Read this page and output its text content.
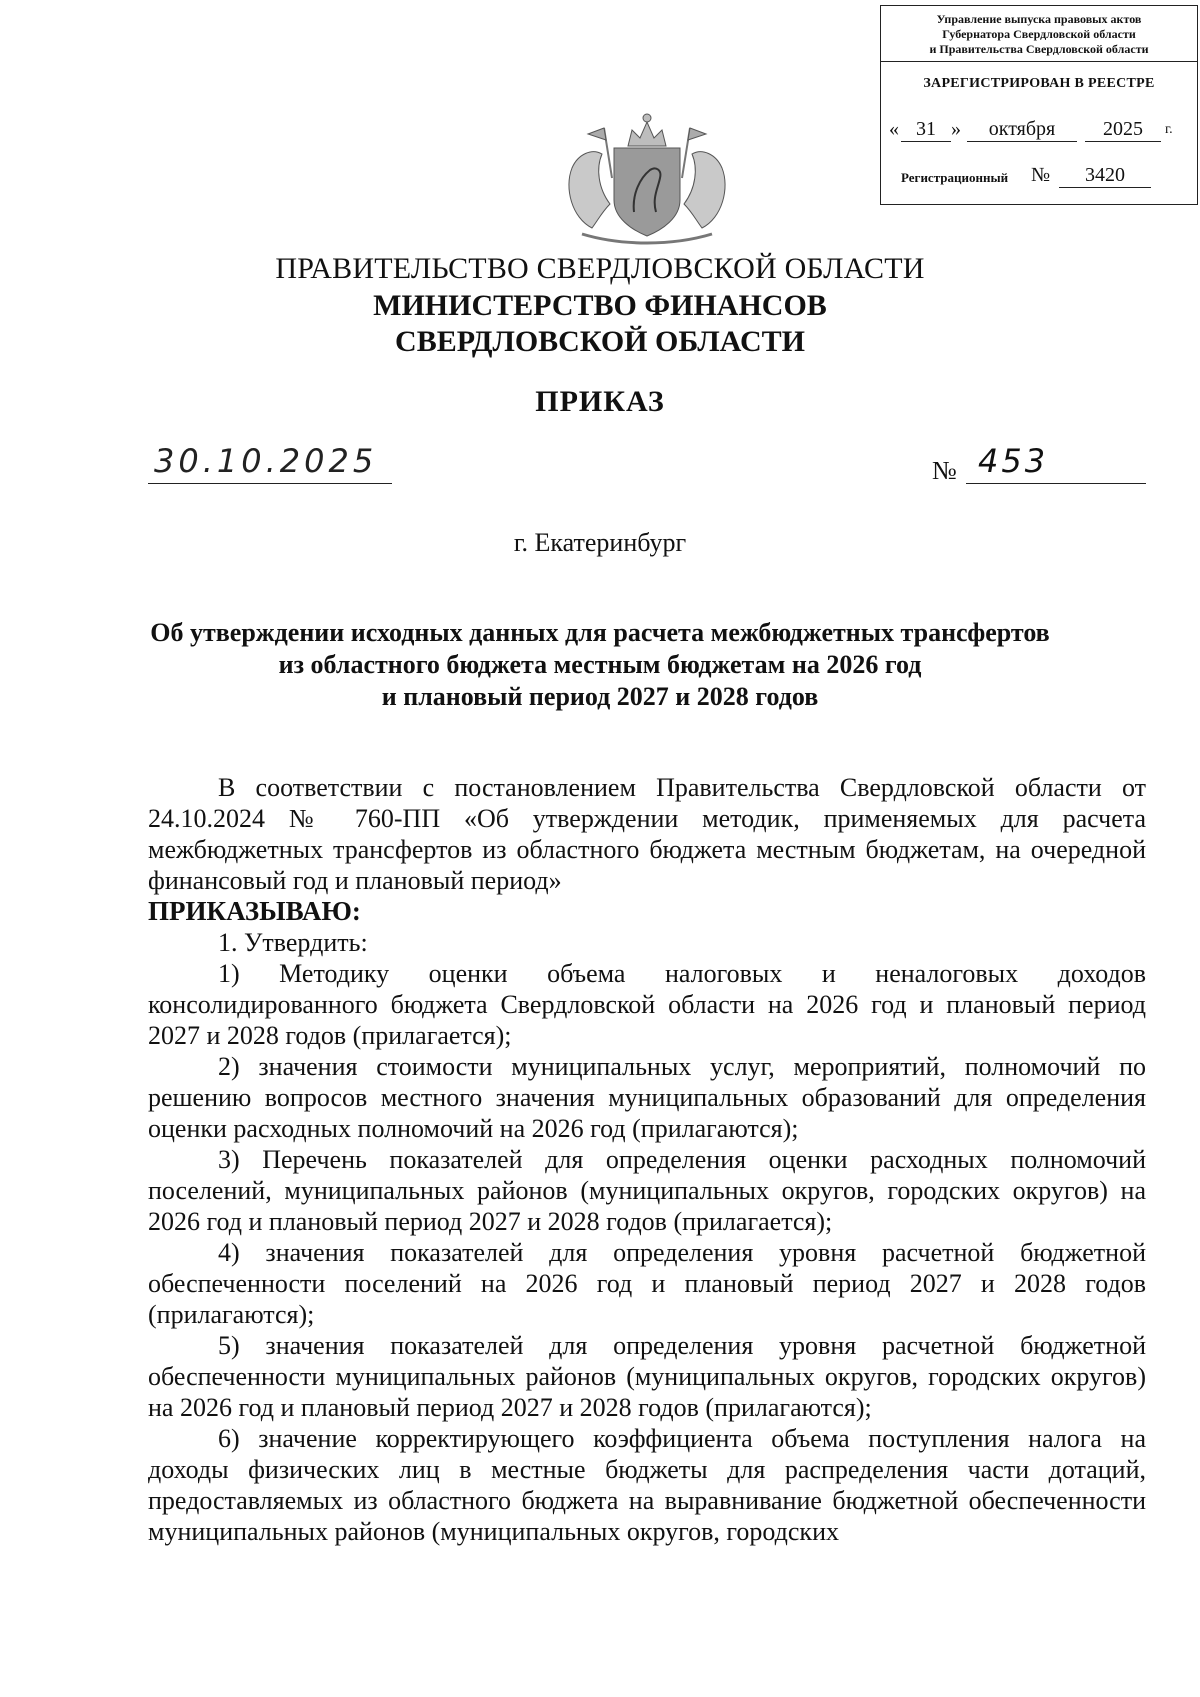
Управление выпуска правовых актов
Губернатора Свердловской области
и Правительства Свердловской области
ЗАРЕГИСТРИРОВАН В РЕЕСТРЕ
« 31 »	октября	2025	г.
Регистрационный №	3420
ПРАВИТЕЛЬСТВО СВЕРДЛОВСКОЙ ОБЛАСТИ
МИНИСТЕРСТВО ФИНАНСОВ
СВЕРДЛОВСКОЙ ОБЛАСТИ
ПРИКАЗ
30.10.2025	№ 453
г. Екатеринбург
Об утверждении исходных данных для расчета межбюджетных трансфертов
из областного бюджета местным бюджетам на 2026 год
и плановый период 2027 и 2028 годов

В соответствии с постановлением Правительства Свердловской области от 24.10.2024 № 760-ПП «Об утверждении методик, применяемых для расчета межбюджетных трансфертов из областного бюджета местным бюджетам, на очередной финансовый год и плановый период»

ПРИКАЗЫВАЮ:

1. Утвердить:

1) Методику оценки объема налоговых и неналоговых доходов консолидированного бюджета Свердловской области на 2026 год и плановый период 2027 и 2028 годов (прилагается);

2) значения стоимости муниципальных услуг, мероприятий, полномочий по решению вопросов местного значения муниципальных образований для определения оценки расходных полномочий на 2026 год (прилагаются);

3) Перечень показателей для определения оценки расходных полномочий поселений, муниципальных районов (муниципальных округов, городских округов) на 2026 год и плановый период 2027 и 2028 годов (прилагается);

4) значения показателей для определения уровня расчетной бюджетной обеспеченности поселений на 2026 год и плановый период 2027 и 2028 годов (прилагаются);

5) значения показателей для определения уровня расчетной бюджетной обеспеченности муниципальных районов (муниципальных округов, городских округов) на 2026 год и плановый период 2027 и 2028 годов (прилагаются);

6) значение корректирующего коэффициента объема поступления налога на доходы физических лиц в местные бюджеты для распределения части дотаций, предоставляемых из областного бюджета на выравнивание бюджетной обеспеченности муниципальных районов (муниципальных округов, городских
